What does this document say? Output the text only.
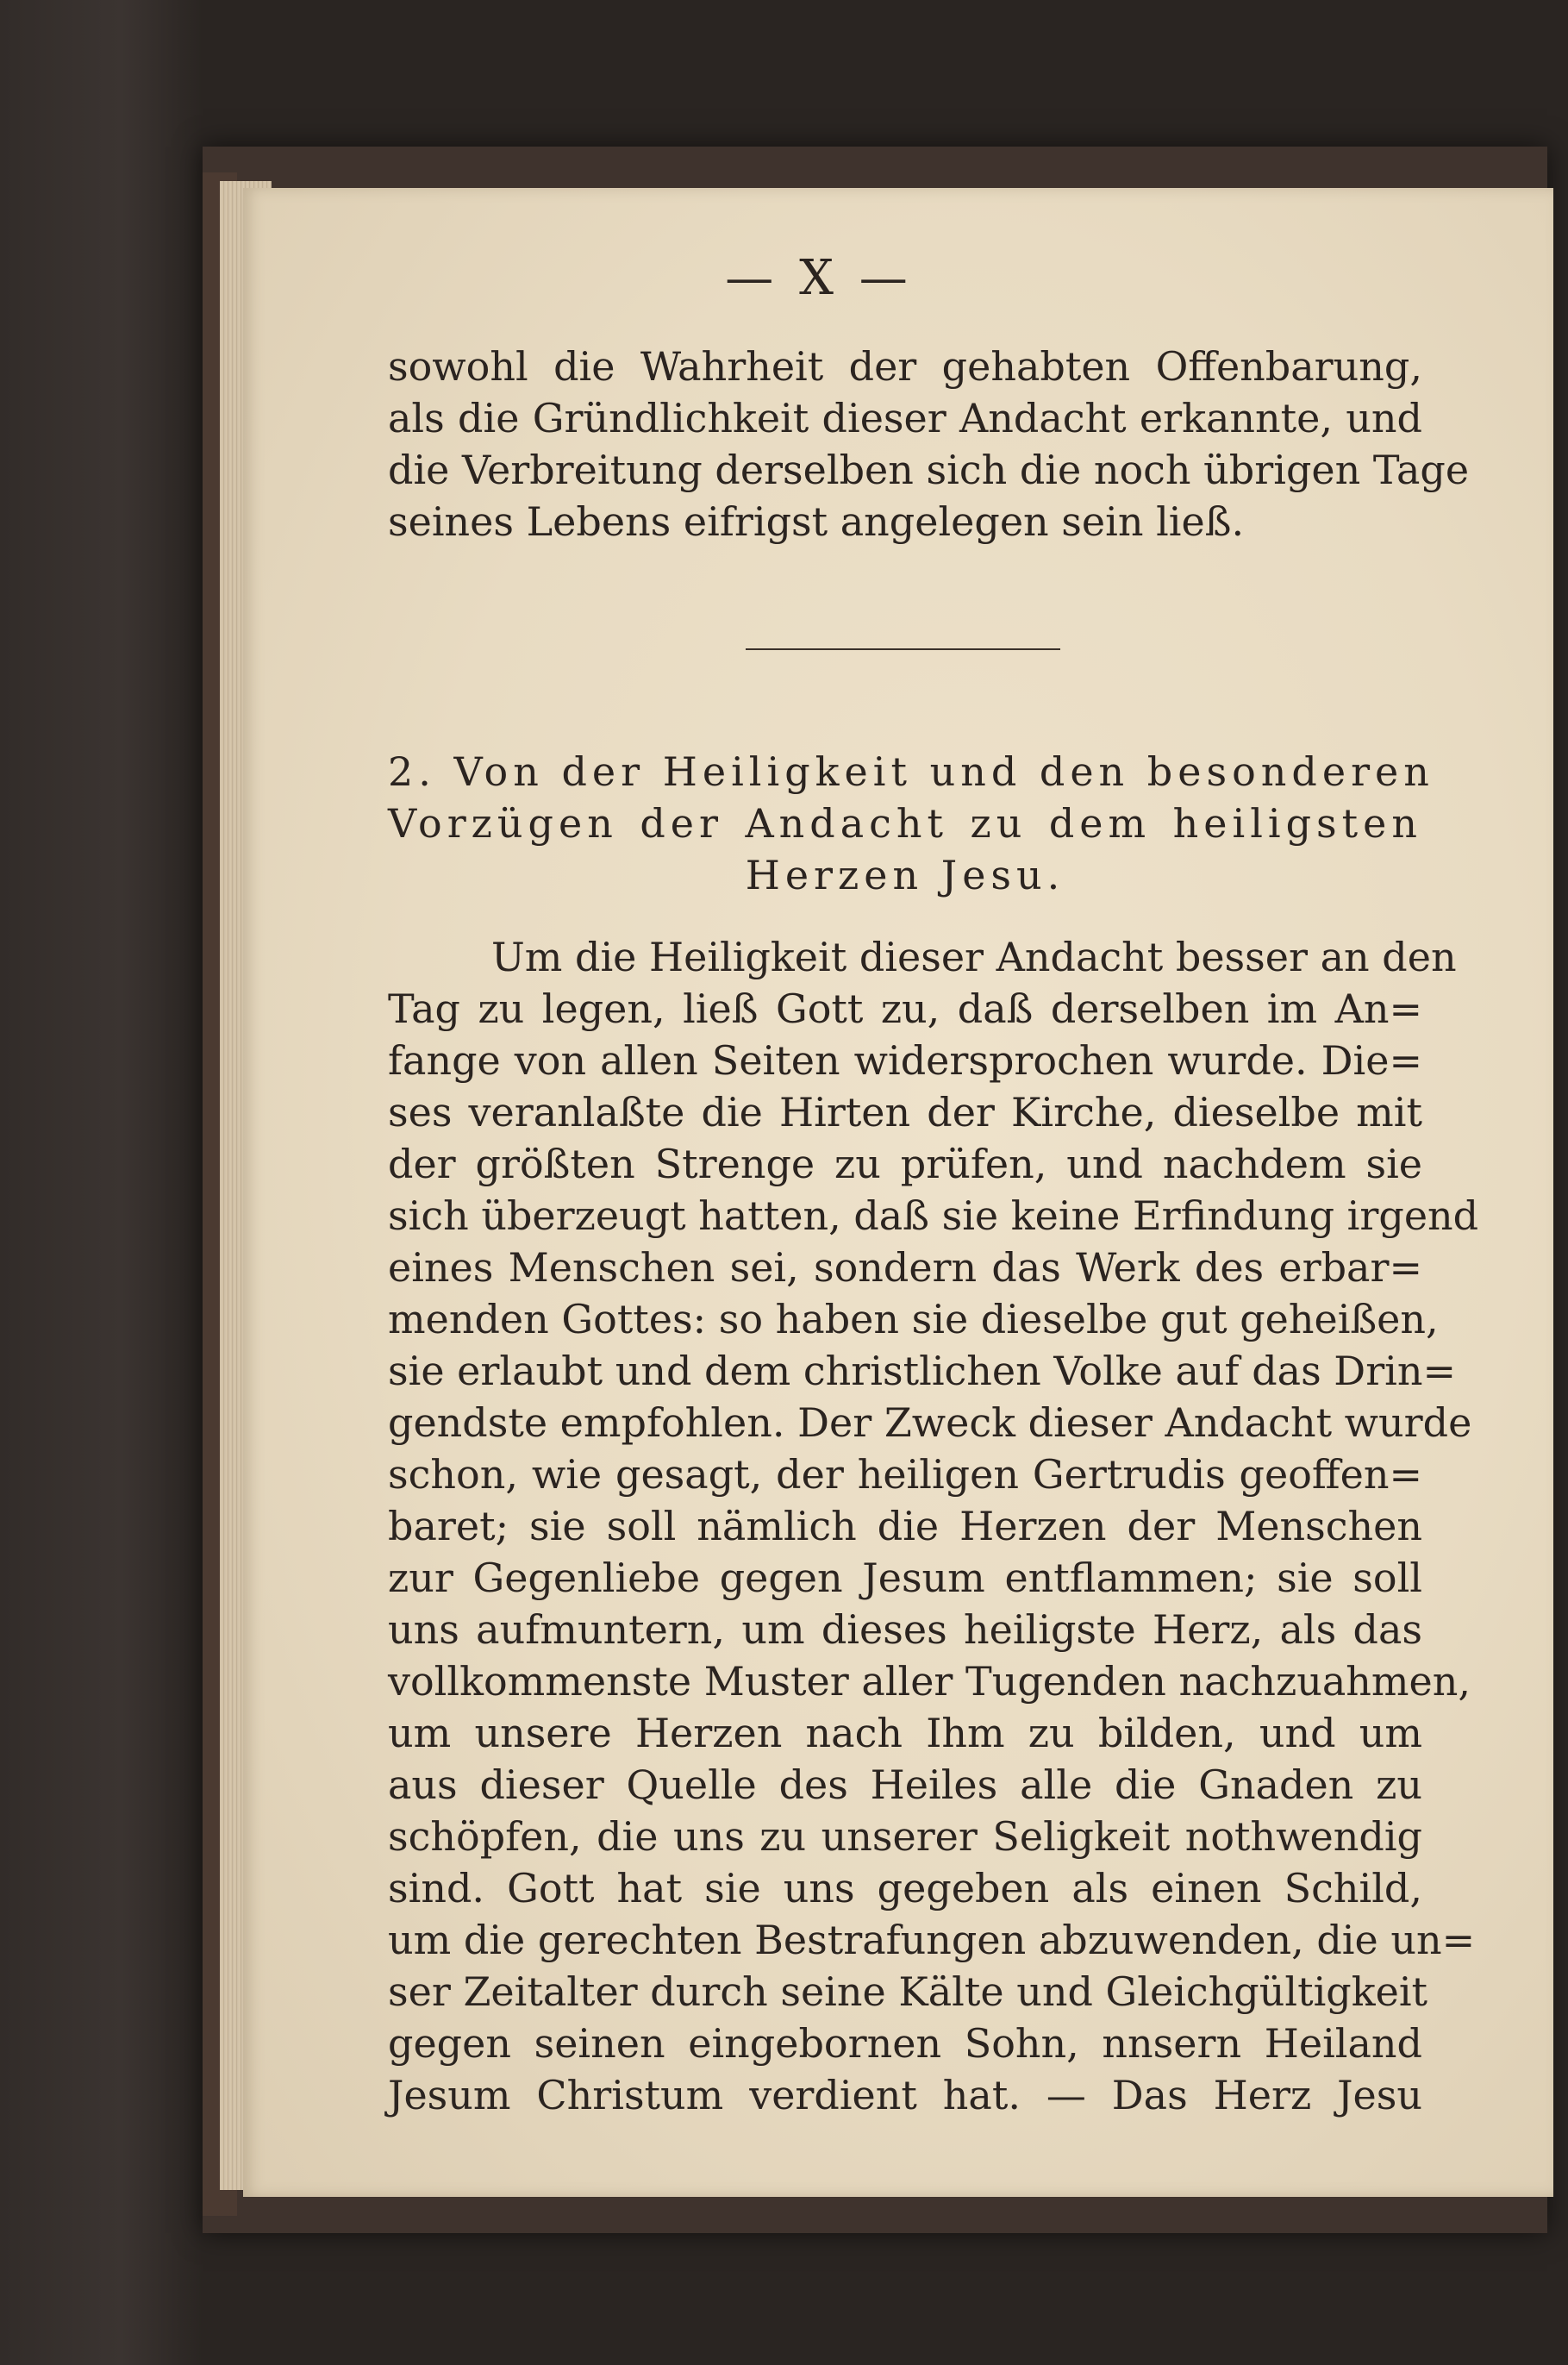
— X —
sowohl die Wahrheit der gehabten Offenbarung,
als die Gründlichkeit dieser Andacht erkannte, und
die Verbreitung derselben sich die noch übrigen Tage
seines Lebens eifrigst angelegen sein ließ.
2. Von der Heiligkeit und den besonderen
Vorzügen der Andacht zu dem heiligsten
Herzen Jesu.
Um die Heiligkeit dieser Andacht besser an den
Tag zu legen, ließ Gott zu, daß derselben im An=
fange von allen Seiten widersprochen wurde. Die=
ses veranlaßte die Hirten der Kirche, dieselbe mit
der größten Strenge zu prüfen, und nachdem sie
sich überzeugt hatten, daß sie keine Erfindung irgend
eines Menschen sei, sondern das Werk des erbar=
menden Gottes: so haben sie dieselbe gut geheißen,
sie erlaubt und dem christlichen Volke auf das Drin=
gendste empfohlen. Der Zweck dieser Andacht wurde
schon, wie gesagt, der heiligen Gertrudis geoffen=
baret; sie soll nämlich die Herzen der Menschen
zur Gegenliebe gegen Jesum entflammen; sie soll
uns aufmuntern, um dieses heiligste Herz, als das
vollkommenste Muster aller Tugenden nachzuahmen,
um unsere Herzen nach Ihm zu bilden, und um
aus dieser Quelle des Heiles alle die Gnaden zu
schöpfen, die uns zu unserer Seligkeit nothwendig
sind. Gott hat sie uns gegeben als einen Schild,
um die gerechten Bestrafungen abzuwenden, die un=
ser Zeitalter durch seine Kälte und Gleichgültigkeit
gegen seinen eingebornen Sohn, nnsern Heiland
Jesum Christum verdient hat. — Das Herz Jesu
